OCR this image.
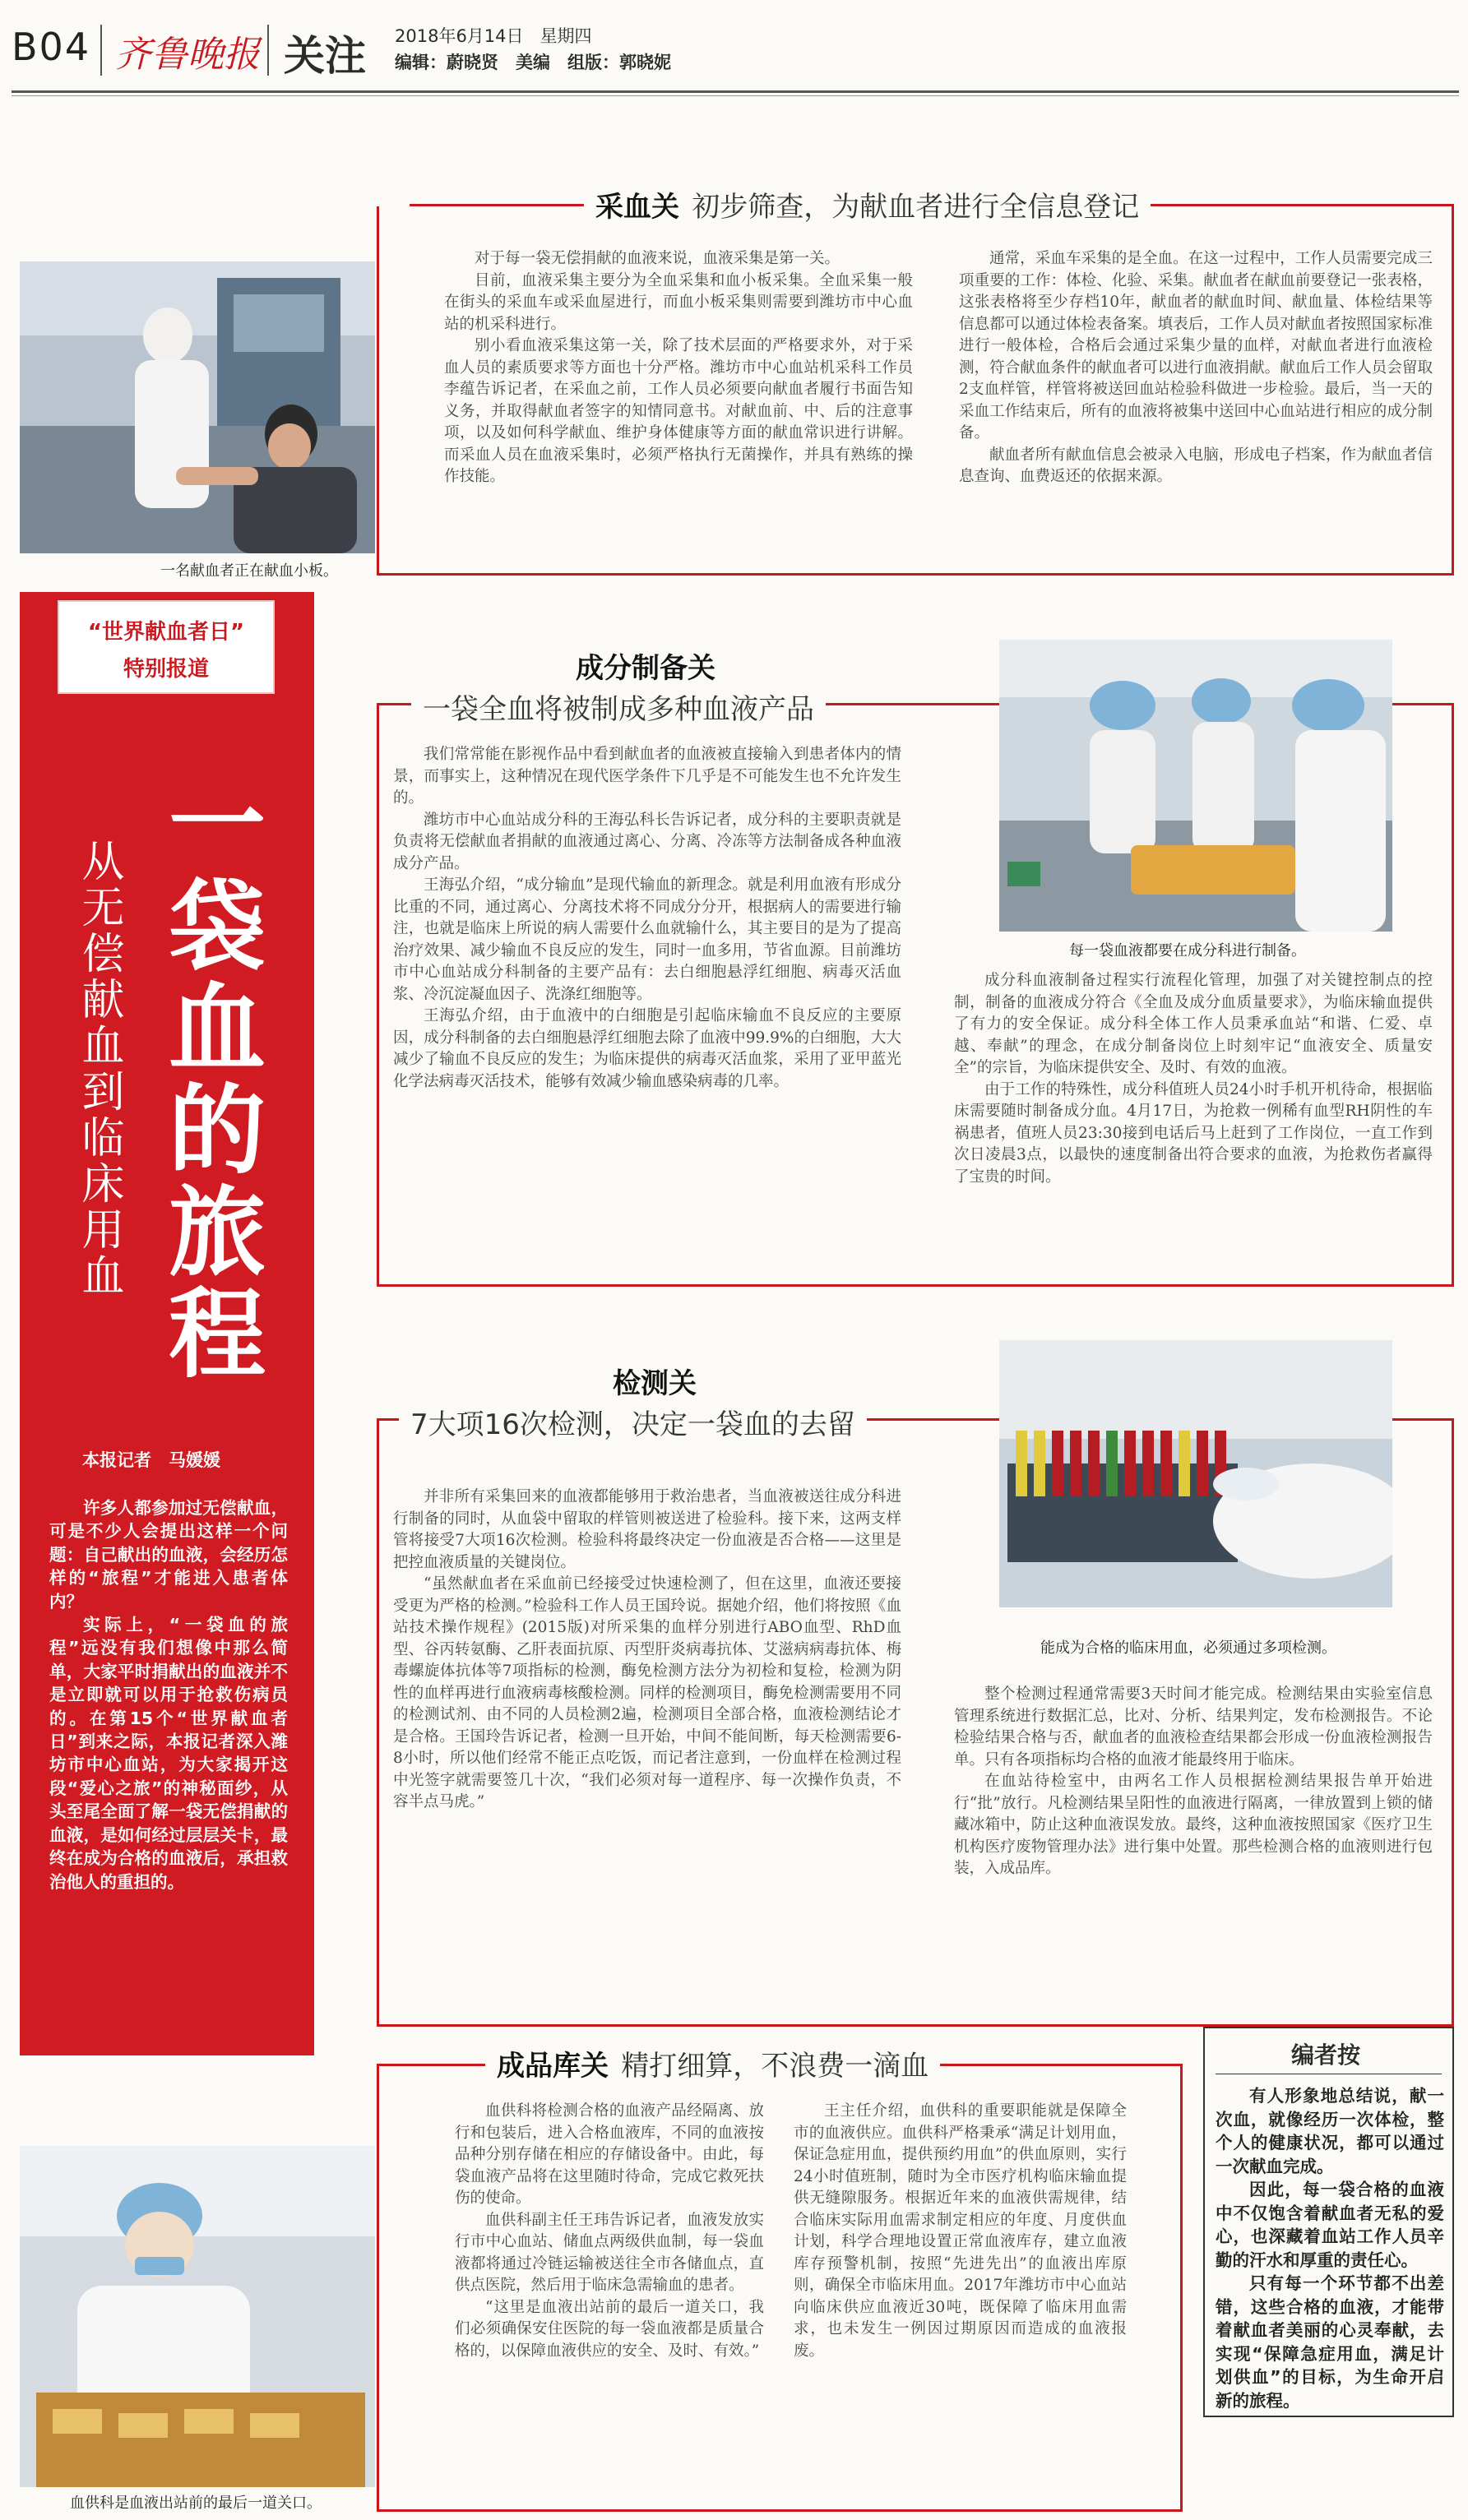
B04 齐鲁晚报 关注 2018年6月14日 星期四
编辑：蔚晓贤　美编　组版：郭晓妮
采血关 初步筛查，为献血者进行全信息登记
一名献血者正在献血小板。

对于每一袋无偿捐献的血液来说，血液采集是第一关。

目前，血液采集主要分为全血采集和血小板采集。全血采集一般在街头的采血车或采血屋进行，而血小板采集则需要到潍坊市中心血站的机采科进行。

别小看血液采集这第一关，除了技术层面的严格要求外，对于采血人员的素质要求等方面也十分严格。潍坊市中心血站机采科工作员李蕴告诉记者，在采血之前，工作人员必须要向献血者履行书面告知义务，并取得献血者签字的知情同意书。对献血前、中、后的注意事项，以及如何科学献血、维护身体健康等方面的献血常识进行讲解。而采血人员在血液采集时，必须严格执行无菌操作，并具有熟练的操作技能。

通常，采血车采集的是全血。在这一过程中，工作人员需要完成三项重要的工作：体检、化验、采集。献血者在献血前要登记一张表格，这张表格将至少存档10年，献血者的献血时间、献血量、体检结果等信息都可以通过体检表备案。填表后，工作人员对献血者按照国家标准进行一般体检，合格后会通过采集少量的血样，对献血者进行血液检测，符合献血条件的献血者可以进行血液捐献。献血后工作人员会留取2支血样管，样管将被送回血站检验科做进一步检验。最后，当一天的采血工作结束后，所有的血液将被集中送回中心血站进行相应的成分制备。

献血者所有献血信息会被录入电脑，形成电子档案，作为献血者信息查询、血费返还的依据来源。

成分制备关
一袋全血将被制成多种血液产品
每一袋血液都要在成分科进行制备。

我们常常能在影视作品中看到献血者的血液被直接输入到患者体内的情景，而事实上，这种情况在现代医学条件下几乎是不可能发生也不允许发生的。

潍坊市中心血站成分科的王海弘科长告诉记者，成分科的主要职责就是负责将无偿献血者捐献的血液通过离心、分离、冷冻等方法制备成各种血液成分产品。

王海弘介绍，“成分输血”是现代输血的新理念。就是利用血液有形成分比重的不同，通过离心、分离技术将不同成分分开，根据病人的需要进行输注，也就是临床上所说的病人需要什么血就输什么，其主要目的是为了提高治疗效果、减少输血不良反应的发生，同时一血多用，节省血源。目前潍坊市中心血站成分科制备的主要产品有：去白细胞悬浮红细胞、病毒灭活血浆、冷沉淀凝血因子、洗涤红细胞等。

王海弘介绍，由于血液中的白细胞是引起临床输血不良反应的主要原因，成分科制备的去白细胞悬浮红细胞去除了血液中99.9%的白细胞，大大减少了输血不良反应的发生；为临床提供的病毒灭活血浆，采用了亚甲蓝光化学法病毒灭活技术，能够有效减少输血感染病毒的几率。

成分科血液制备过程实行流程化管理，加强了对关键控制点的控制，制备的血液成分符合《全血及成分血质量要求》，为临床输血提供了有力的安全保证。成分科全体工作人员秉承血站“和谐、仁爱、卓越、奉献”的理念，在成分制备岗位上时刻牢记“血液安全、质量安全”的宗旨，为临床提供安全、及时、有效的血液。

由于工作的特殊性，成分科值班人员24小时手机开机待命，根据临床需要随时制备成分血。4月17日，为抢救一例稀有血型RH阴性的车祸患者，值班人员23:30接到电话后马上赶到了工作岗位，一直工作到次日凌晨3点，以最快的速度制备出符合要求的血液，为抢救伤者赢得了宝贵的时间。

检测关
7大项16次检测，决定一袋血的去留
能成为合格的临床用血，必须通过多项检测。

并非所有采集回来的血液都能够用于救治患者，当血液被送往成分科进行制备的同时，从血袋中留取的样管则被送进了检验科。接下来，这两支样管将接受7大项16次检测。检验科将最终决定一份血液是否合格——这里是把控血液质量的关键岗位。

“虽然献血者在采血前已经接受过快速检测了，但在这里，血液还要接受更为严格的检测。”检验科工作人员王国玲说。据她介绍，他们将按照《血站技术操作规程》(2015版)对所采集的血样分别进行ABO血型、RhD血型、谷丙转氨酶、乙肝表面抗原、丙型肝炎病毒抗体、艾滋病病毒抗体、梅毒螺旋体抗体等7项指标的检测，酶免检测方法分为初检和复检，检测为阴性的血样再进行血液病毒核酸检测。同样的检测项目，酶免检测需要用不同的检测试剂、由不同的人员检测2遍，检测项目全部合格，血液检测结论才是合格。王国玲告诉记者，检测一旦开始，中间不能间断，每天检测需要6-8小时，所以他们经常不能正点吃饭，而记者注意到，一份血样在检测过程中光签字就需要签几十次，“我们必须对每一道程序、每一次操作负责，不容半点马虎。”

整个检测过程通常需要3天时间才能完成。检测结果由实验室信息管理系统进行数据汇总，比对、分析、结果判定，发布检测报告。不论检验结果合格与否，献血者的血液检查结果都会形成一份血液检测报告单。只有各项指标均合格的血液才能最终用于临床。

在血站待检室中，由两名工作人员根据检测结果报告单开始进行“批”放行。凡检测结果呈阳性的血液进行隔离，一律放置到上锁的储藏冰箱中，防止这种血液误发放。最终，这种血液按照国家《医疗卫生机构医疗废物管理办法》进行集中处置。那些检测合格的血液则进行包装，入成品库。

成品库关 精打细算，不浪费一滴血
血供科是血液出站前的最后一道关口。

血供科将检测合格的血液产品经隔离、放行和包装后，进入合格血液库，不同的血液按品种分别存储在相应的存储设备中。由此，每袋血液产品将在这里随时待命，完成它救死扶伤的使命。

血供科副主任王玮告诉记者，血液发放实行市中心血站、储血点两级供血制，每一袋血液都将通过冷链运输被送往全市各储血点，直供点医院，然后用于临床急需输血的患者。

“这里是血液出站前的最后一道关口，我们必须确保安住医院的每一袋血液都是质量合格的，以保障血液供应的安全、及时、有效。”

王主任介绍，血供科的重要职能就是保障全市的血液供应。血供科严格秉承“满足计划用血，保证急症用血，提供预约用血”的供血原则，实行24小时值班制，随时为全市医疗机构临床输血提供无缝隙服务。根据近年来的血液供需规律，结合临床实际用血需求制定相应的年度、月度供血计划，科学合理地设置正常血液库存，建立血液库存预警机制，按照“先进先出”的血液出库原则，确保全市临床用血。2017年潍坊市中心血站向临床供应血液近30吨，既保障了临床用血需求，也未发生一例因过期原因而造成的血液报废。

“世界献血者日”
特别报道
一袋血的旅程
从无偿献血到临床用血
本报记者　马媛媛

许多人都参加过无偿献血，可是不少人会提出这样一个问题：自己献出的血液，会经历怎样的“旅程”才能进入患者体内？

实际上，“一袋血的旅程”远没有我们想像中那么简单，大家平时捐献出的血液并不是立即就可以用于抢救伤病员的。在第15个“世界献血者日”到来之际，本报记者深入潍坊市中心血站，为大家揭开这段“爱心之旅”的神秘面纱，从头至尾全面了解一袋无偿捐献的血液，是如何经过层层关卡，最终在成为合格的血液后，承担救治他人的重担的。

编者按

有人形象地总结说，献一次血，就像经历一次体检，整个人的健康状况，都可以通过一次献血完成。

因此，每一袋合格的血液中不仅饱含着献血者无私的爱心，也深藏着血站工作人员辛勤的汗水和厚重的责任心。

只有每一个环节都不出差错，这些合格的血液，才能带着献血者美丽的心灵奉献，去实现“保障急症用血，满足计划供血”的目标，为生命开启新的旅程。
